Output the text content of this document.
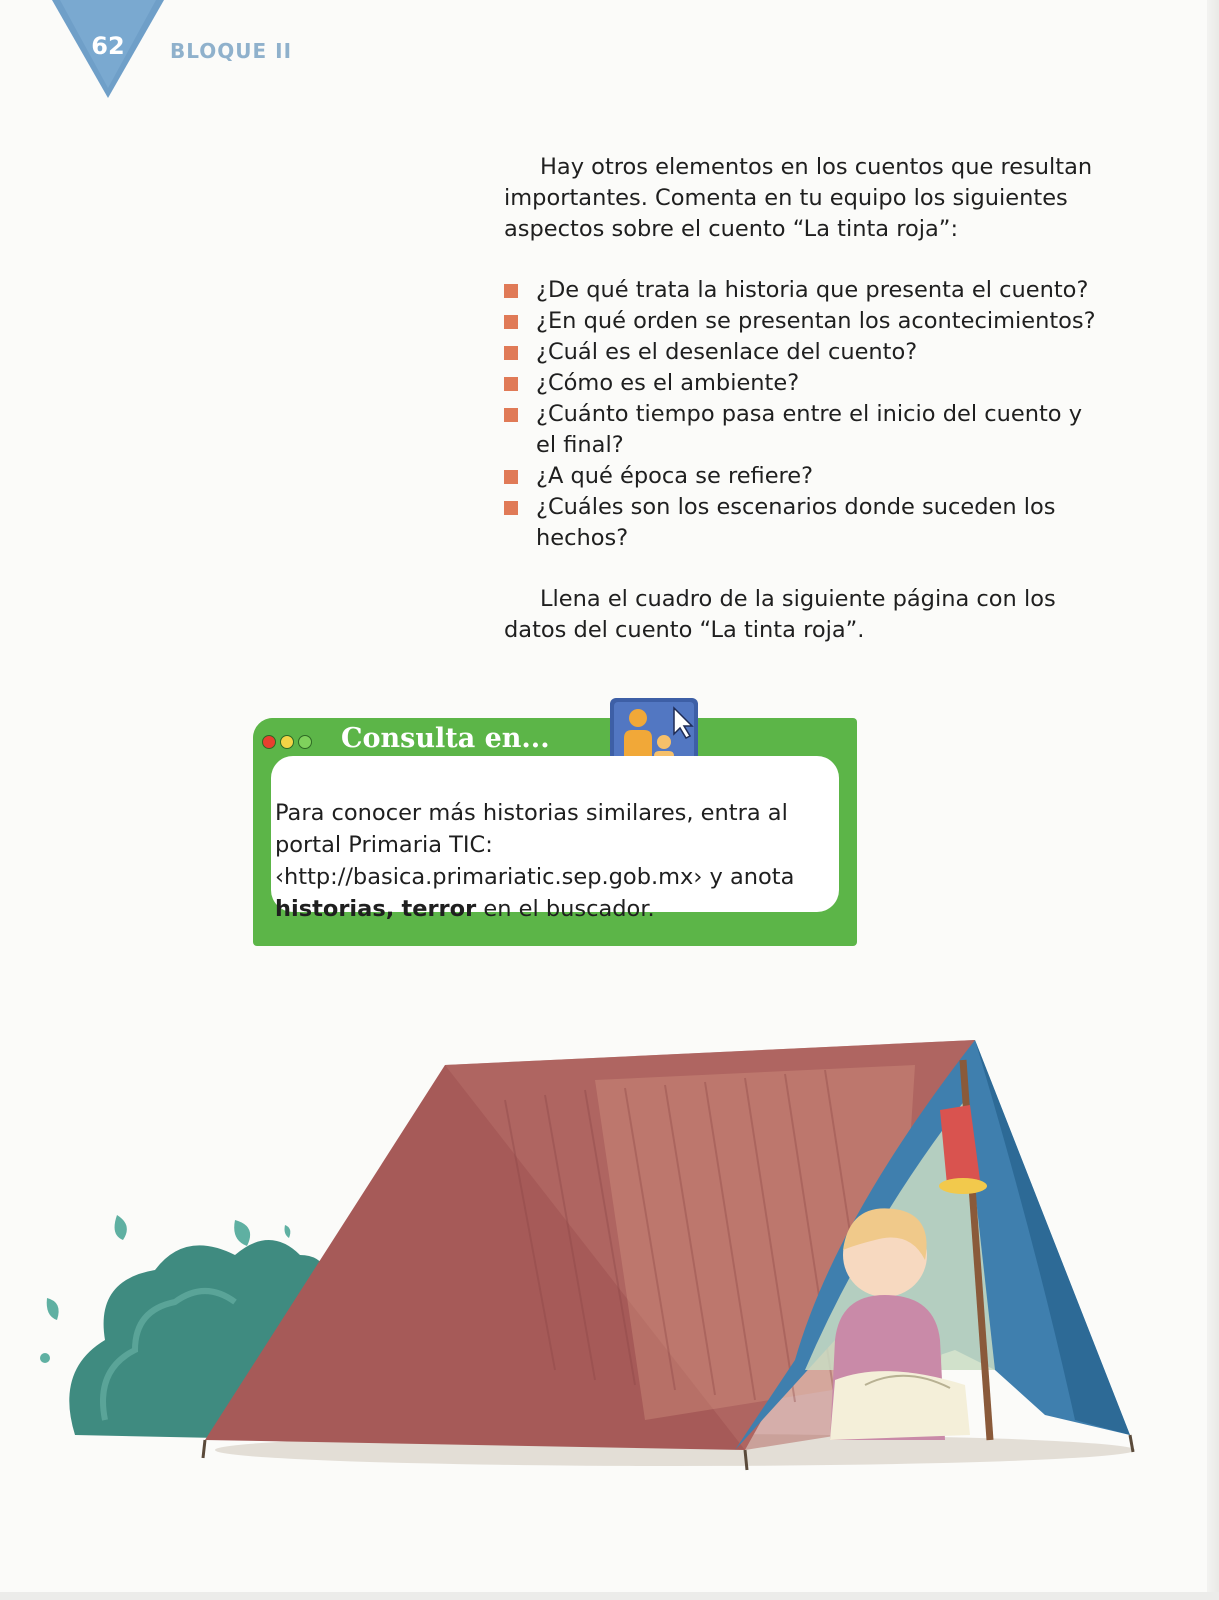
62 BLOQUE II

Hay otros elementos en los cuentos que resultan importantes. Comenta en tu equipo los siguientes aspectos sobre el cuento “La tinta roja”:

¿De qué trata la historia que presenta el cuento?
¿En qué orden se presentan los acontecimientos?
¿Cuál es el desenlace del cuento?
¿Cómo es el ambiente?
¿Cuánto tiempo pasa entre el inicio del cuento y el final?
¿A qué época se refiere?
¿Cuáles son los escenarios donde suceden los hechos?

Llena el cuadro de la siguiente página con los datos del cuento “La tinta roja”.

Consulta en...
Para conocer más historias similares, entra al portal Primaria TIC: ‹http://basica.primariatic.sep.gob.mx› y anota historias, terror en el buscador.
